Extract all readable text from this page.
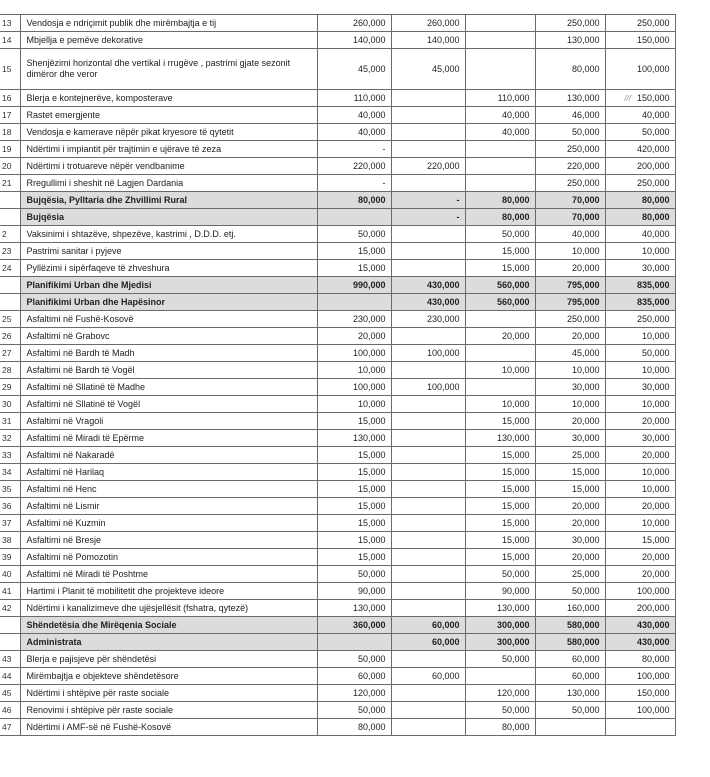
13	Vendosja e ndriçimit publik dhe mirëmbajtja e tij	260,000	260,000		250,000	250,000
14	Mbjellja e pemëve dekorative	140,000	140,000		130,000	150,000
15	Shenjëzimi horizontal dhe vertikal i rrugëve , pastrimi gjate sezonit dimëror dhe veror	45,000	45,000		80,000	100,000
16	Blerja e kontejnerëve, komposterave	110,000		110,000	130,000	/// 150,000
17	Rastet emergjente	40,000		40,000	46,000	40,000
18	Vendosja e kamerave nëpër pikat kryesore të qytetit	40,000		40,000	50,000	50,000
19	Ndërtimi i impiantit për trajtimin e ujërave të zeza	-			250,000	420,000
20	Ndërtimi i trotuareve nëpër vendbanime	220,000	220,000		220,000	200,000
21	Rregullimi i sheshit në Lagjen Dardania	-			250,000	250,000
	Bujqësia, Pylltaria dhe Zhvillimi Rural	80,000	-	80,000	70,000	80,000
	Bujqësia		-	80,000	70,000	80,000
2	Vaksinimi i shtazëve, shpezëve, kastrimi , D.D.D. etj.	50,000		50,000	40,000	40,000
23	Pastrimi sanitar i pyjeve	15,000		15,000	10,000	10,000
24	Pyllëzimi i sipërfaqeve të zhveshura	15,000		15,000	20,000	30,000
	Planifikimi Urban dhe Mjedisi	990,000	430,000	560,000	795,000	835,000
	Planifikimi Urban dhe Hapësinor		430,000	560,000	795,000	835,000
25	Asfaltimi në Fushë-Kosovë	230,000	230,000		250,000	250,000
26	Asfaltimi në Grabovc	20,000		20,000	20,000	10,000
27	Asfaltimi në Bardh të Madh	100,000	100,000		45,000	50,000
28	Asfaltimi në Bardh të Vogël	10,000		10,000	10,000	10,000
29	Asfaltimi në Sllatinë të Madhe	100,000	100,000		30,000	30,000
30	Asfaltimi në Sllatinë të Vogël	10,000		10,000	10,000	10,000
31	Asfaltimi në Vragoli	15,000		15,000	20,000	20,000
32	Asfaltimi në Miradi të Epërme	130,000		130,000	30,000	30,000
33	Asfaltimi në Nakaradë	15,000		15,000	25,000	20,000
34	Asfaltimi në Harilaq	15,000		15,000	15,000	10,000
35	Asfaltimi në Henc	15,000		15,000	15,000	10,000
36	Asfaltimi në Lismir	15,000		15,000	20,000	20,000
37	Asfaltimi në Kuzmin	15,000		15,000	20,000	10,000
38	Asfaltimi në Bresje	15,000		15,000	30,000	15,000
39	Asfaltimi në Pomozotin	15,000		15,000	20,000	20,000
40	Asfaltimi në Miradi të Poshtme	50,000		50,000	25,000	20,000
41	Hartimi i Planit të mobilitetit dhe projekteve ideore	90,000		90,000	50,000	100,000
42	Ndërtimi i kanalizimeve dhe ujësjellësit (fshatra, qytezë)	130,000		130,000	160,000	200,000
	Shëndetësia dhe Mirëqenia Sociale	360,000	60,000	300,000	580,000	430,000
	Administrata		60,000	300,000	580,000	430,000
43	Blerja e pajisjeve për shëndetësi	50,000		50,000	60,000	80,000
44	Mirëmbajtja e objekteve shëndetësore	60,000	60,000		60,000	100,000
45	Ndërtimi i shtëpive për raste sociale	120,000		120,000	130,000	150,000
46	Renovimi i shtëpive për raste sociale	50,000		50,000	50,000	100,000
47	Ndërtimi i AMF-së në Fushë-Kosovë	80,000		80,000		
